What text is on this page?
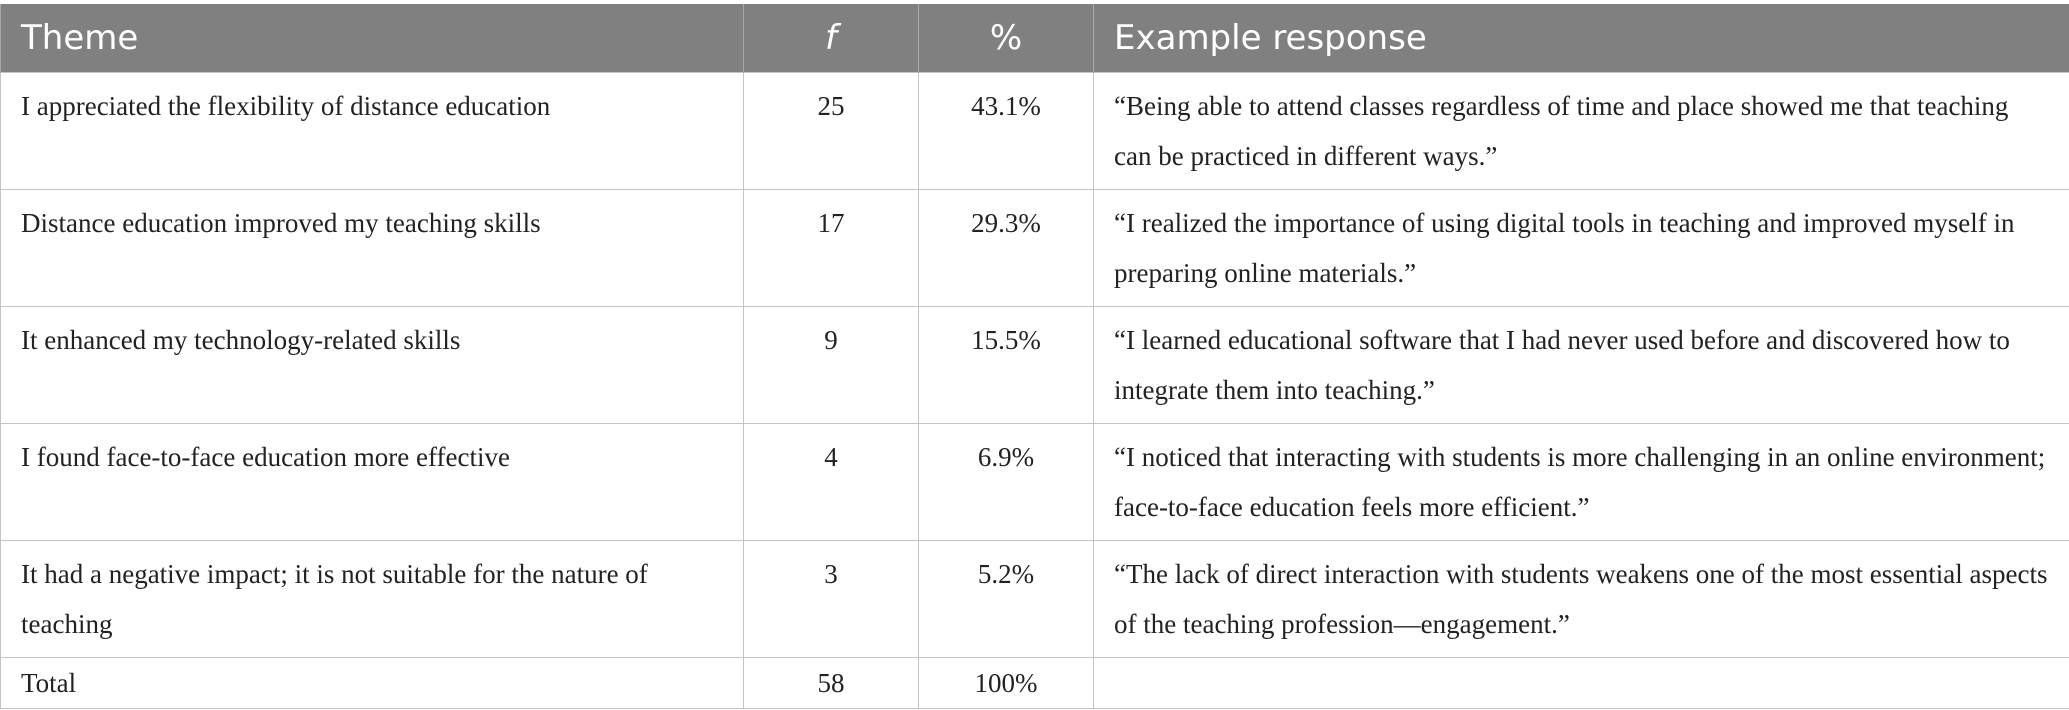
Theme	f	%	Example response
I appreciated the flexibility of distance education	25	43.1%	“Being able to attend classes regardless of time and place showed me that teaching can be practiced in different ways.”
Distance education improved my teaching skills	17	29.3%	“I realized the importance of using digital tools in teaching and improved myself in preparing online materials.”
It enhanced my technology-related skills	9	15.5%	“I learned educational software that I had never used before and discovered how to integrate them into teaching.”
I found face-to-face education more effective	4	6.9%	“I noticed that interacting with students is more challenging in an online environment; face-to-face education feels more efficient.”
It had a negative impact; it is not suitable for the nature of teaching	3	5.2%	“The lack of direct interaction with students weakens one of the most essential aspects of the teaching profession—engagement.”
Total	58	100%	
